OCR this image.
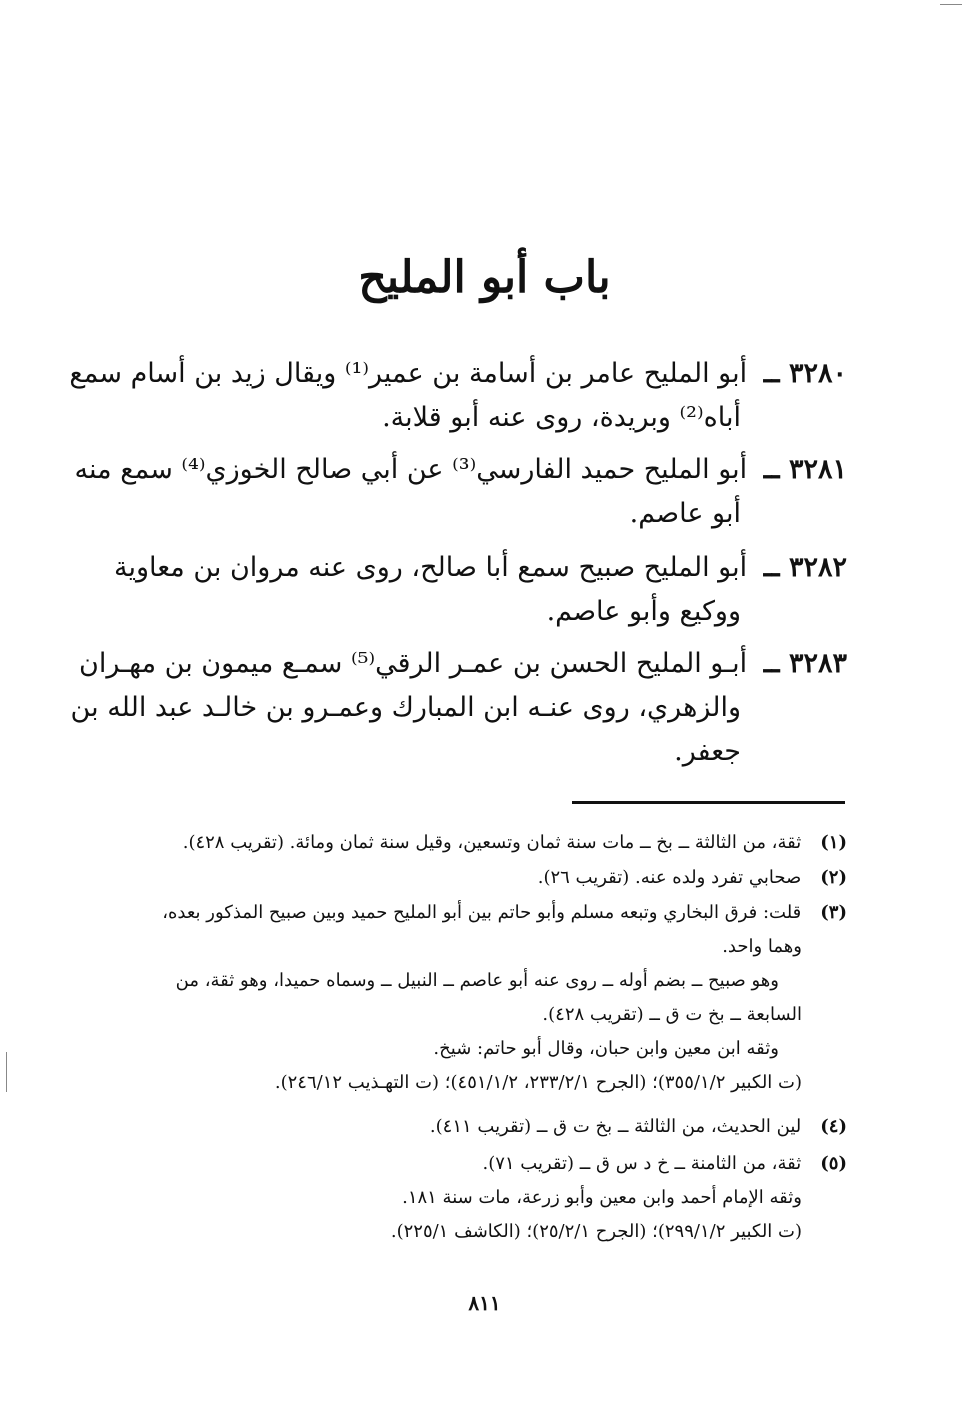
باب أبو المليح
٣٢٨٠ ــ أبو المليح عامر بن أسامة بن عمير⁽¹⁾ ويقال زيد بن أسام سمع
أباه⁽²⁾ وبريدة، روى عنه أبو قلابة.
٣٢٨١ ــ أبو المليح حميد الفارسي⁽³⁾ عن أبي صالح الخوزي⁽⁴⁾ سمع منه
أبو عاصم.
٣٢٨٢ ــ أبو المليح صبيح سمع أبا صالح، روى عنه مروان بن معاوية
ووكيع وأبو عاصم.
٣٢٨٣ ــ أبـو المليح الحسن بن عمـر الرقي⁽⁵⁾ سمـع ميمون بن مهـران
والزهري، روى عنـه ابن المبارك وعمـرو بن خالـد عبد الله بن
جعفر.
(١) ثقة، من الثالثة ــ بخ ــ مات سنة ثمان وتسعين، وقيل سنة ثمان ومائة. (تقريب ٤٢٨).
(٢) صحابي تفرد ولده عنه. (تقريب ٢٦).
(٣) قلت: فرق البخاري وتبعه مسلم وأبو حاتم بين أبو المليح حميد وبين صبيح المذكور بعده،
وهما واحد.
وهو صبيح ــ بضم أوله ــ روى عنه أبو عاصم ــ النبيل ــ وسماه حميدا، وهو ثقة، من
السابعة ــ بخ ت ق ــ (تقريب ٤٢٨).
وثقه ابن معين وابن حبان، وقال أبو حاتم: شيخ.
(ت الكبير ٣٥٥/١/٢)؛ (الجرح ٢٣٣/٢/١، ٤٥١/١/٢)؛ (ت التهـذيب ٢٤٦/١٢).
(٤) لين الحديث، من الثالثة ــ بخ ت ق ــ (تقريب ٤١١).
(٥) ثقة، من الثامنة ــ خ د س ق ــ (تقريب ٧١).
وثقه الإمام أحمد وابن معين وأبو زرعة، مات سنة ١٨١.
(ت الكبير ٢٩٩/١/٢)؛ (الجرح ٢٥/٢/١)؛ (الكاشف ٢٢٥/١).
٨١١
